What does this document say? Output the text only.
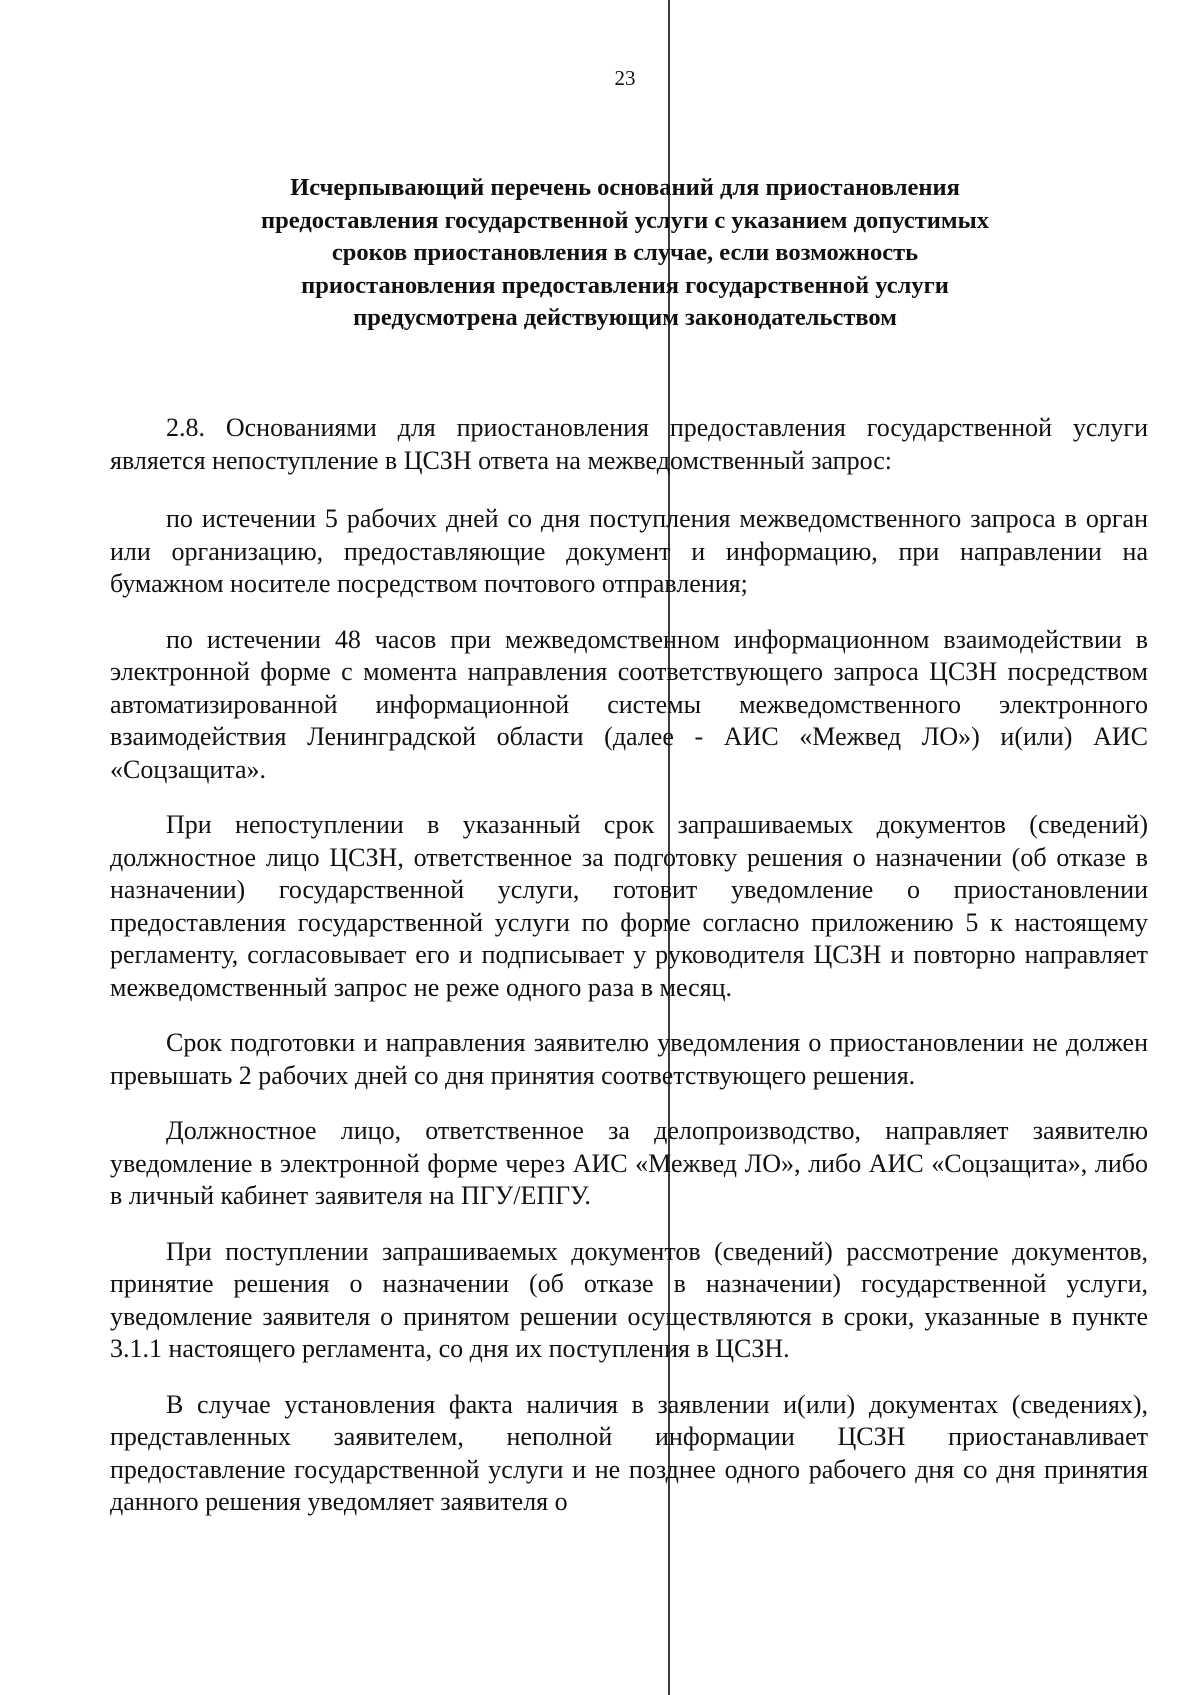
23
Исчерпывающий перечень оснований для приостановления
предоставления государственной услуги с указанием допустимых
сроков приостановления в случае, если возможность
приостановления предоставления государственной услуги
предусмотрена действующим законодательством

2.8. Основаниями для приостановления предоставления государственной услуги является непоступление в ЦСЗН ответа на межведомственный запрос:

по истечении 5 рабочих дней со дня поступления межведомственного запроса в орган или организацию, предоставляющие документ и информацию, при направлении на бумажном носителе посредством почтового отправления;

по истечении 48 часов при межведомственном информационном взаимодействии в электронной форме с момента направления соответствующего запроса ЦСЗН посредством автоматизированной информационной системы межведомственного электронного взаимодействия Ленинградской области (далее - АИС «Межвед ЛО») и(или) АИС «Соцзащита».

При непоступлении в указанный срок запрашиваемых документов (сведений) должностное лицо ЦСЗН, ответственное за подготовку решения о назначении (об отказе в назначении) государственной услуги, готовит уведомление о приостановлении предоставления государственной услуги по форме согласно приложению 5 к настоящему регламенту, согласовывает его и подписывает у руководителя ЦСЗН и повторно направляет межведомственный запрос не реже одного раза в месяц.

Срок подготовки и направления заявителю уведомления о приостановлении не должен превышать 2 рабочих дней со дня принятия соответствующего решения.

Должностное лицо, ответственное за делопроизводство, направляет заявителю уведомление в электронной форме через АИС «Межвед ЛО», либо АИС «Соцзащита», либо в личный кабинет заявителя на ПГУ/ЕПГУ.

При поступлении запрашиваемых документов (сведений) рассмотрение документов, принятие решения о назначении (об отказе в назначении) государственной услуги, уведомление заявителя о принятом решении осуществляются в сроки, указанные в пункте 3.1.1 настоящего регламента, со дня их поступления в ЦСЗН.

В случае установления факта наличия в заявлении и(или) документах (сведениях), представленных заявителем, неполной информации ЦСЗН приостанавливает предоставление государственной услуги и не позднее одного рабочего дня со дня принятия данного решения уведомляет заявителя о
